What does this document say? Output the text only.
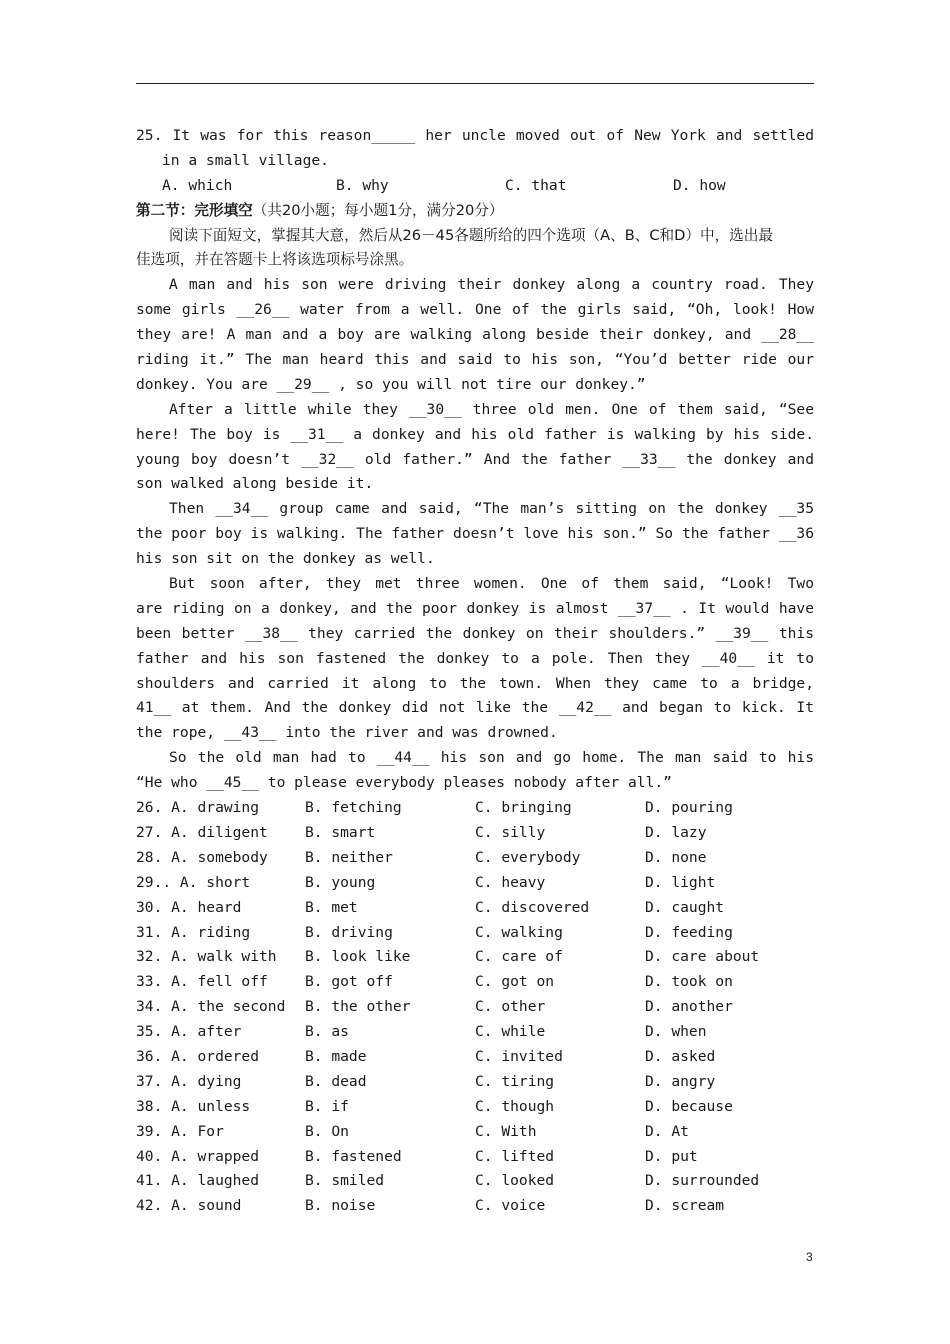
25. It was for this reason_____ her uncle moved out of New York and settled
in a small village.
A. which	B. why	C. that	D. how
第二节：完形填空（共20小题；每小题1分，满分20分）
阅读下面短文，掌握其大意，然后从26－45各题所给的四个选项（A、B、C和D）中，选出最
佳选项，并在答题卡上将该选项标号涂黑。
A man and his son were driving their donkey along a country road. They
some girls __26__ water from a well. One of the girls said, “Oh, look! How
they are! A man and a boy are walking along beside their donkey, and __28__
riding it.” The man heard this and said to his son, “You’d better ride our
donkey. You are __29__ , so you will not tire our donkey.”
After a little while they __30__ three old men. One of them said, “See
here! The boy is __31__ a donkey and his old father is walking by his side.
young boy doesn’t __32__ old father.” And the father __33__ the donkey and
son walked along beside it.
Then __34__ group came and said, “The man’s sitting on the donkey __35
the poor boy is walking. The father doesn’t love his son.” So the father __36
his son sit on the donkey as well.
But soon after, they met three women. One of them said, “Look! Two
are riding on a donkey, and the poor donkey is almost __37__ . It would have
been better __38__ they carried the donkey on their shoulders.” __39__ this
father and his son fastened the donkey to a pole. Then they __40__ it to
shoulders and carried it along to the town. When they came to a bridge,
41__ at them. And the donkey did not like the __42__ and began to kick. It
the rope, __43__ into the river and was drowned.
So the old man had to __44__ his son and go home. The man said to his
“He who __45__ to please everybody pleases nobody after all.”
26. A. drawing	B. fetching	C. bringing	D. pouring
27. A. diligent	B. smart	C. silly	D. lazy
28. A. somebody	B. neither	C. everybody	D. none
29.. A. short	B. young	C. heavy	D. light
30. A. heard	B. met	C. discovered	D. caught
31. A. riding	B. driving	C. walking	D. feeding
32. A. walk with	B. look like	C. care of	D. care about
33. A. fell off	B. got off	C. got on	D. took on
34. A. the second	B. the other	C. other	D. another
35. A. after	B. as	C. while	D. when
36. A. ordered	B. made	C. invited	D. asked
37. A. dying	B. dead	C. tiring	D. angry
38. A. unless	B. if	C. though	D. because
39. A. For	B. On	C. With	D. At
40. A. wrapped	B. fastened	C. lifted	D. put
41. A. laughed	B. smiled	C. looked	D. surrounded
42. A. sound	B. noise	C. voice	D. scream
3
